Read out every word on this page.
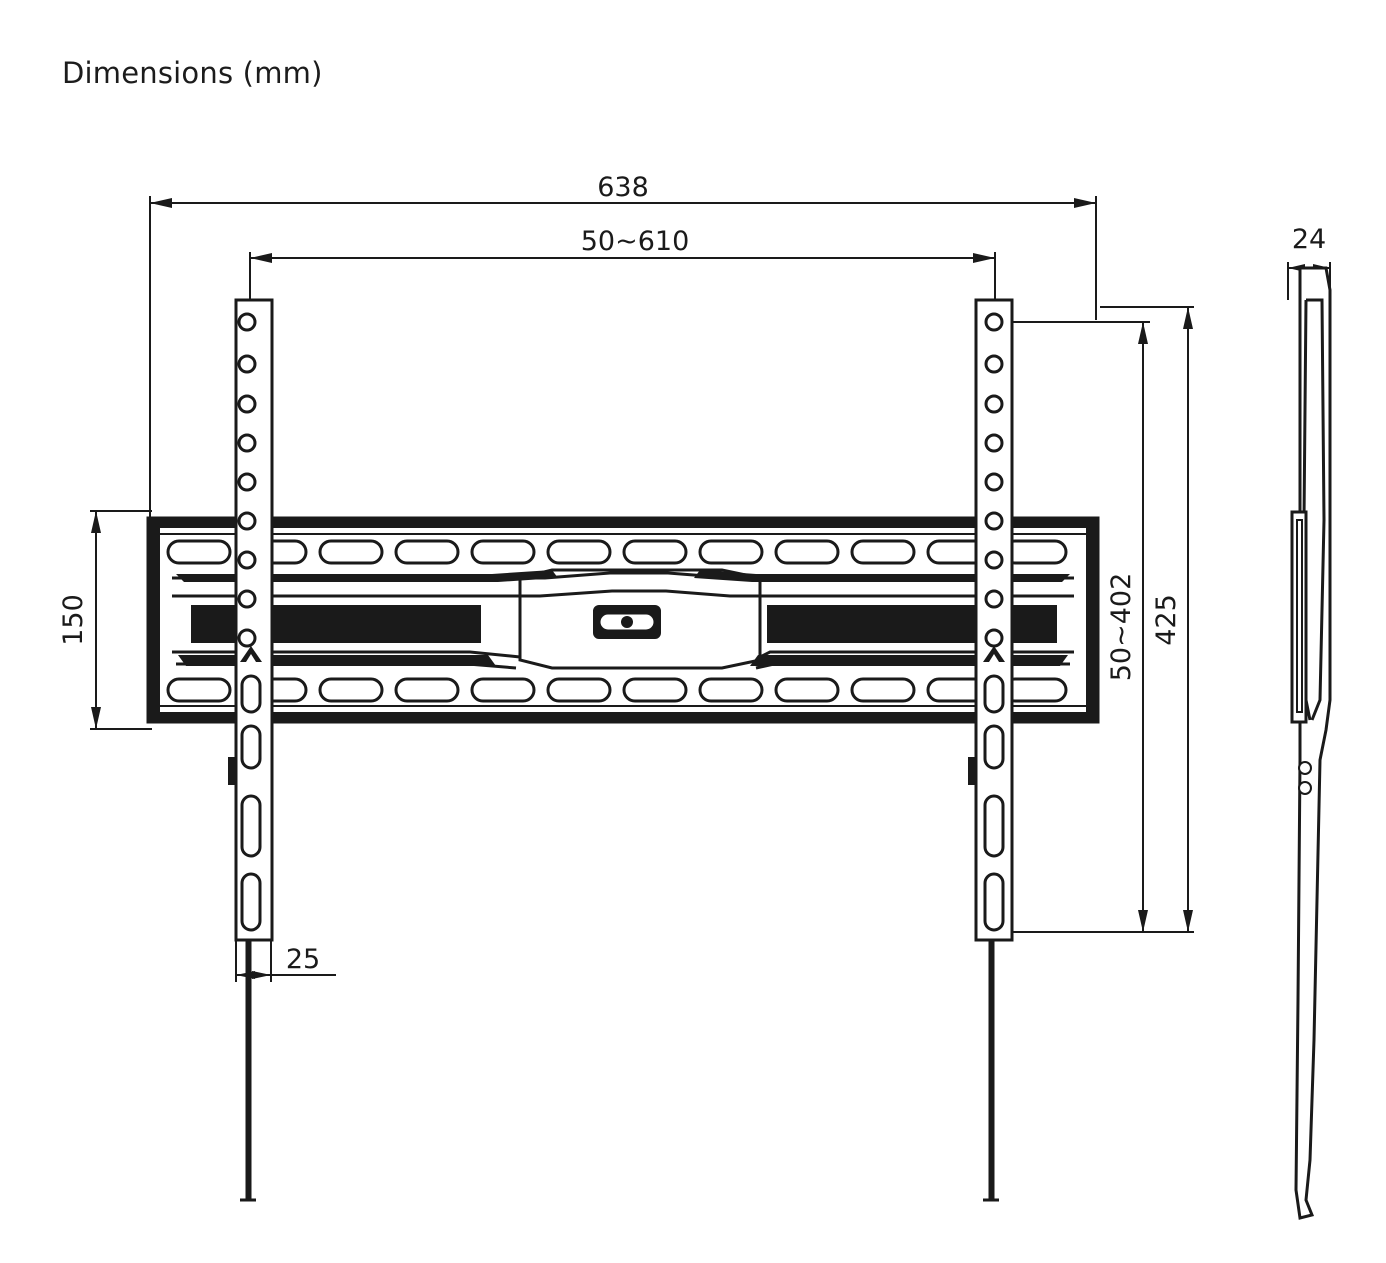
Dimensions (mm)
638
50~610
150	50~402 425
25
24
